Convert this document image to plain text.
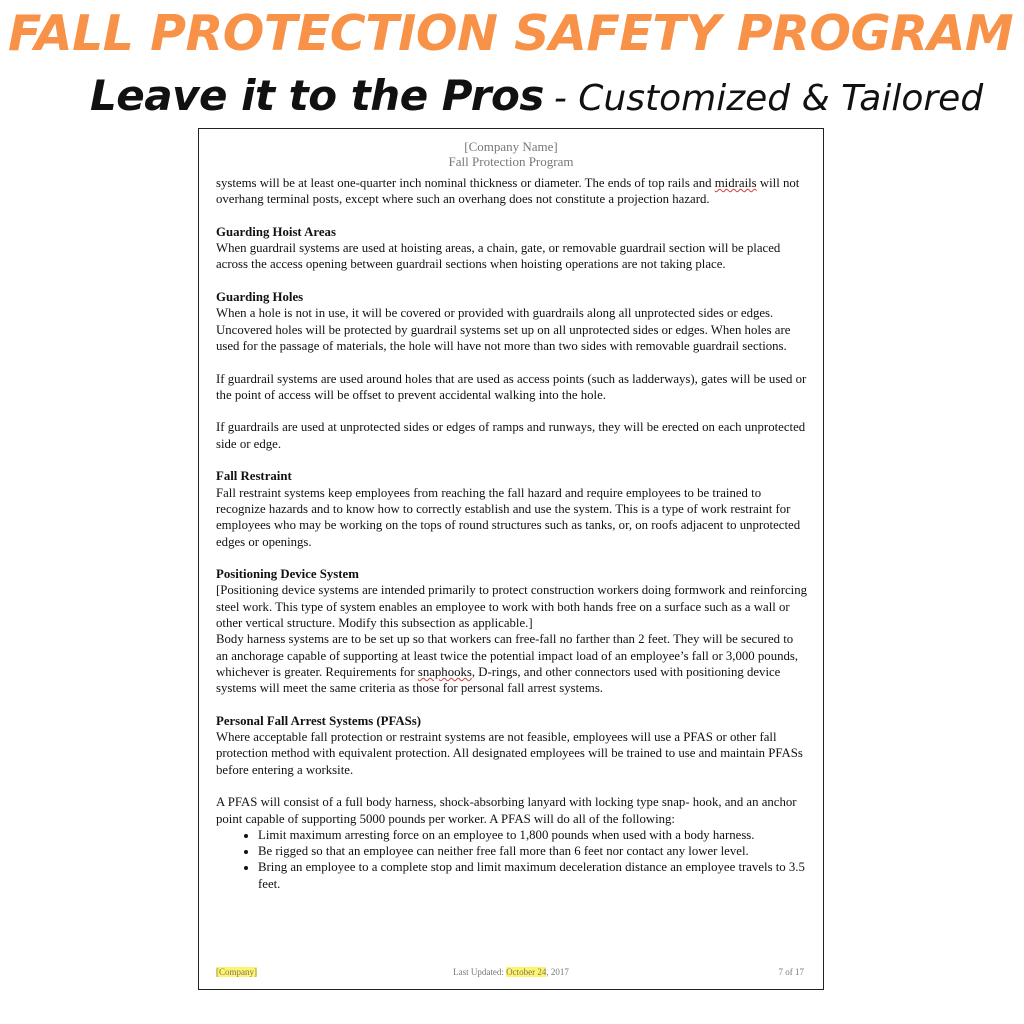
FALL PROTECTION SAFETY PROGRAM
Leave it to the Pros - Customized & Tailored
[Company Name]
Fall Protection Program

systems will be at least one-quarter inch nominal thickness or diameter. The ends of top rails and midrails will not overhang terminal posts, except where such an overhang does not constitute a projection hazard.

Guarding Hoist Areas

When guardrail systems are used at hoisting areas, a chain, gate, or removable guardrail section will be placed across the access opening between guardrail sections when hoisting operations are not taking place.

Guarding Holes

When a hole is not in use, it will be covered or provided with guardrails along all unprotected sides or edges. Uncovered holes will be protected by guardrail systems set up on all unprotected sides or edges. When holes are used for the passage of materials, the hole will have not more than two sides with removable guardrail sections.

If guardrail systems are used around holes that are used as access points (such as ladderways), gates will be used or the point of access will be offset to prevent accidental walking into the hole.

If guardrails are used at unprotected sides or edges of ramps and runways, they will be erected on each unprotected side or edge.

Fall Restraint

Fall restraint systems keep employees from reaching the fall hazard and require employees to be trained to recognize hazards and to know how to correctly establish and use the system. This is a type of work restraint for employees who may be working on the tops of round structures such as tanks, or, on roofs adjacent to unprotected edges or openings.

Positioning Device System
[Positioning device systems are intended primarily to protect construction workers doing formwork and reinforcing steel work. This type of system enables an employee to work with both hands free on a surface such as a wall or other vertical structure. Modify this subsection as applicable.]

Body harness systems are to be set up so that workers can free-fall no farther than 2 feet. They will be secured to an anchorage capable of supporting at least twice the potential impact load of an employee’s fall or 3,000 pounds, whichever is greater. Requirements for snaphooks, D-rings, and other connectors used with positioning device systems will meet the same criteria as those for personal fall arrest systems.

Personal Fall Arrest Systems (PFASs)

Where acceptable fall protection or restraint systems are not feasible, employees will use a PFAS or other fall protection method with equivalent protection. All designated employees will be trained to use and maintain PFASs before entering a worksite.

A PFAS will consist of a full body harness, shock-absorbing lanyard with locking type snap- hook, and an anchor point capable of supporting 5000 pounds per worker. A PFAS will do all of the following:
• Limit maximum arresting force on an employee to 1,800 pounds when used with a body harness.
• Be rigged so that an employee can neither free fall more than 6 feet nor contact any lower level.
• Bring an employee to a complete stop and limit maximum deceleration distance an employee travels to 3.5 feet.
[Company]	Last Updated: October 24, 2017	7 of 17
